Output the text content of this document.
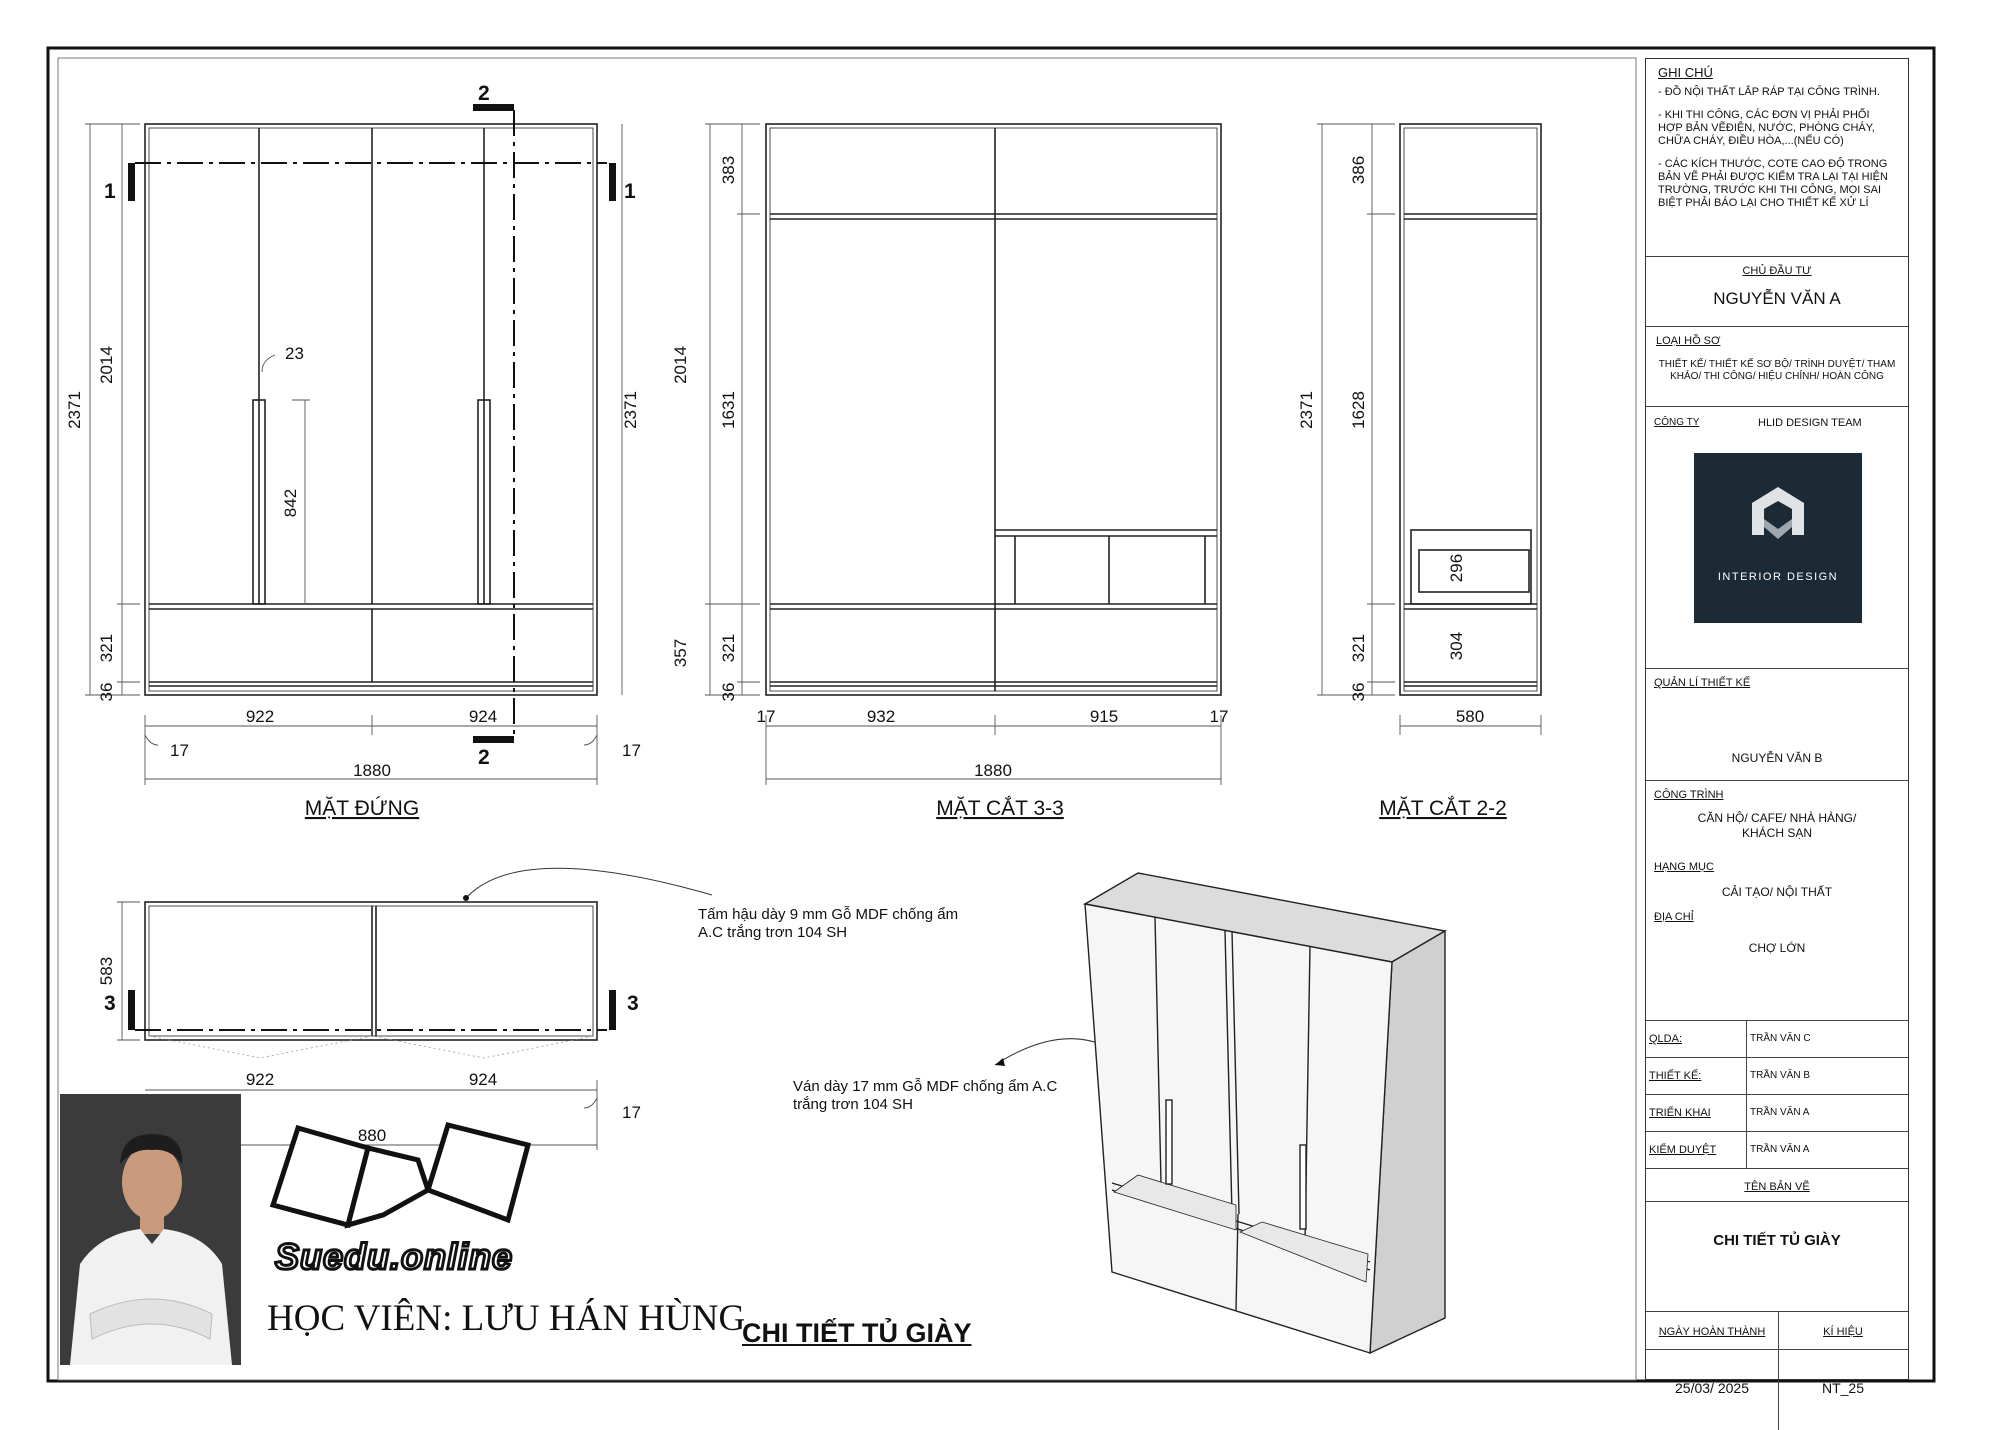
1	1
2
2
2371
2014
321
36
2371
842
23
922	924
17	17
1880
MẶT ĐỨNG
383
1631
2014
321
357
36
17	932	915	17
1880
MẶT CẮT 3-3
2371
386
1628
321
36
296
304
580
MẶT CẮT 2-2
3	3
583
922	924
17
880
Tấm hậu dày 9 mm Gỗ MDF chống ẩm A.C trắng trơn 104 SH
Ván dày 17 mm Gỗ MDF chống ẩm A.C trắng trơn 104 SH
Suedu.online
HỌC VIÊN: LƯU HÁN HÙNG
CHI TIẾT TỦ GIÀY
GHI CHÚ
- ĐỒ NỘI THẤT LẮP RÁP TẠI CÔNG TRÌNH.
- KHI THI CÔNG, CÁC ĐƠN VỊ PHẢI PHỐI HỢP BẢN VẼĐIỆN, NƯỚC, PHÒNG CHÁY, CHỮA CHÁY, ĐIỀU HÒA,...(NẾU CÓ)
- CÁC KÍCH THƯỚC, COTE CAO ĐỘ TRONG BẢN VẼ PHẢI ĐƯỢC KIỂM TRA LẠI TẠI HIỆN TRƯỜNG, TRƯỚC KHI THI CÔNG, MỌI SAI BIỆT PHẢI BÁO LẠI CHO THIẾT KẾ XỬ LÍ
CHỦ ĐẦU TƯ
NGUYỄN VĂN A
LOẠI HỒ SƠ
THIẾT KẾ/ THIẾT KẾ SƠ BỘ/ TRÌNH DUYỆT/ THAM KHẢO/ THI CÔNG/ HIỆU CHỈNH/ HOÀN CÔNG
CÔNG TY	HLID DESIGN TEAM
INTERIOR DESIGN
QUẢN LÍ THIẾT KẾ
NGUYỄN VĂN B
CÔNG TRÌNH
CĂN HỘ/ CAFE/ NHÀ HÀNG/ KHÁCH SẠN
HẠNG MỤC
CẢI TẠO/ NỘI THẤT
ĐỊA CHỈ
CHỢ LỚN
QLDA:	TRẦN VĂN C
THIẾT KẾ:	TRẦN VĂN B
TRIỂN KHAI	TRẦN VĂN A
KIỂM DUYỆT	TRẦN VĂN A
TÊN BẢN VẼ
CHI TIẾT TỦ GIÀY
NGÀY HOÀN THÀNH	KÍ HIỆU
25/03/ 2025	NT_25
